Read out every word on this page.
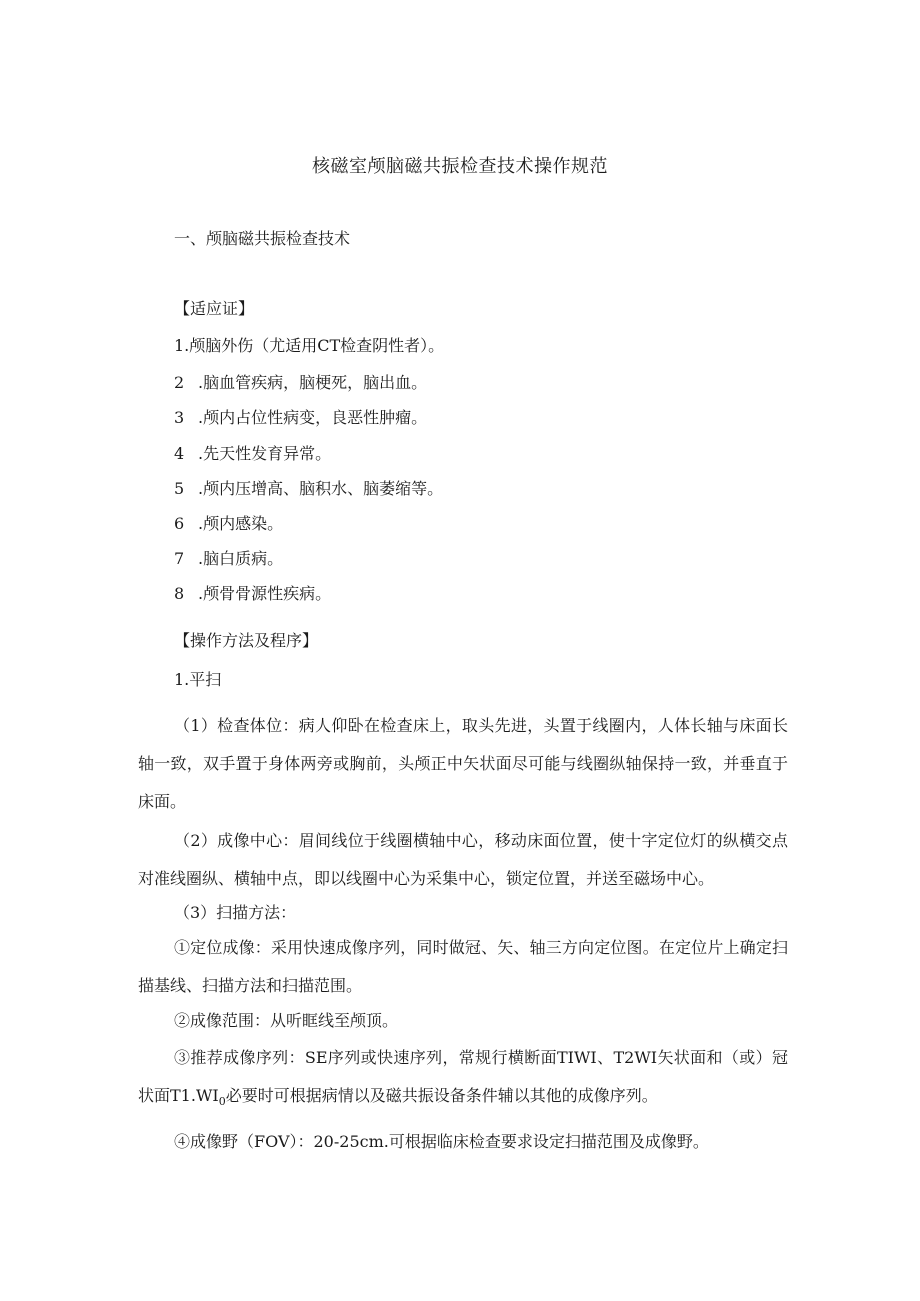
核磁室颅脑磁共振检查技术操作规范
一、颅脑磁共振检查技术
【适应证】
1.颅脑外伤（尤适用CT检查阴性者）。
2 .脑血管疾病，脑梗死，脑出血。
3 .颅内占位性病变，良恶性肿瘤。
4 .先天性发育异常。
5 .颅内压增高、脑积水、脑萎缩等。
6 .颅内感染。
7 .脑白质病。
8 .颅骨骨源性疾病。
【操作方法及程序】
1.平扫
（1）检查体位：病人仰卧在检查床上，取头先进，头置于线圈内，人体长轴与床面长轴一致，双手置于身体两旁或胸前，头颅正中矢状面尽可能与线圈纵轴保持一致，并垂直于床面。
（2）成像中心：眉间线位于线圈横轴中心，移动床面位置，使十字定位灯的纵横交点对准线圈纵、横轴中点，即以线圈中心为采集中心，锁定位置，并送至磁场中心。
（3）扫描方法：
①定位成像：采用快速成像序列，同时做冠、矢、轴三方向定位图。在定位片上确定扫描基线、扫描方法和扫描范围。
②成像范围：从听眶线至颅顶。
③推荐成像序列：SE序列或快速序列，常规行横断面TIWI、T2WI矢状面和（或）冠状面$T1.WI_0$必要时可根据病情以及磁共振设备条件辅以其他的成像序列。
④成像野（FOV）：20-25cm.可根据临床检查要求设定扫描范围及成像野。
